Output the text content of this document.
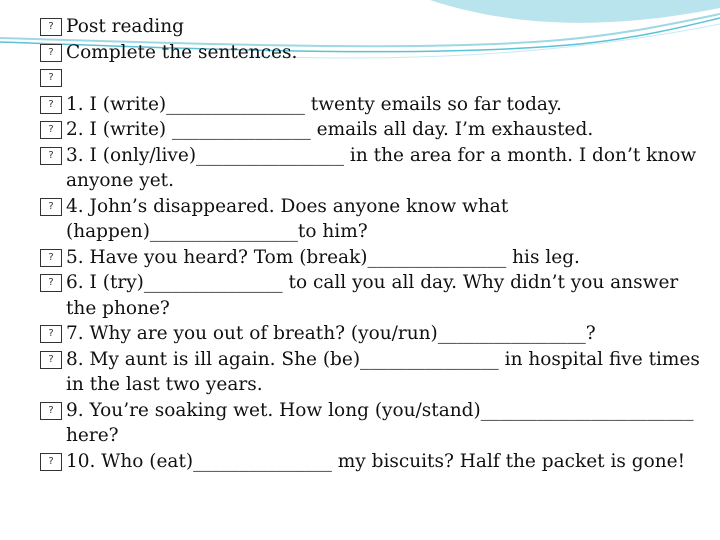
? Post reading
? Complete the sentences.
?

? 1. I (write)_______________ twenty emails so far today.
? 2. I (write) _______________ emails all day. I’m exhausted.
? 3. I (only/live)________________ in the area for a month. I don’t know anyone yet.
? 4. John’s disappeared. Does anyone know what (happen)________________to him?
? 5. Have you heard? Tom (break)_______________ his leg.
? 6. I (try)_______________ to call you all day. Why didn’t you answer the phone?
? 7. Why are you out of breath? (you/run)________________?
? 8. My aunt is ill again. She (be)_______________ in hospital five times in the last two years.
? 9. You’re soaking wet. How long (you/stand)_______________________ here?
? 10. Who (eat)_______________ my biscuits? Half the packet is gone!
